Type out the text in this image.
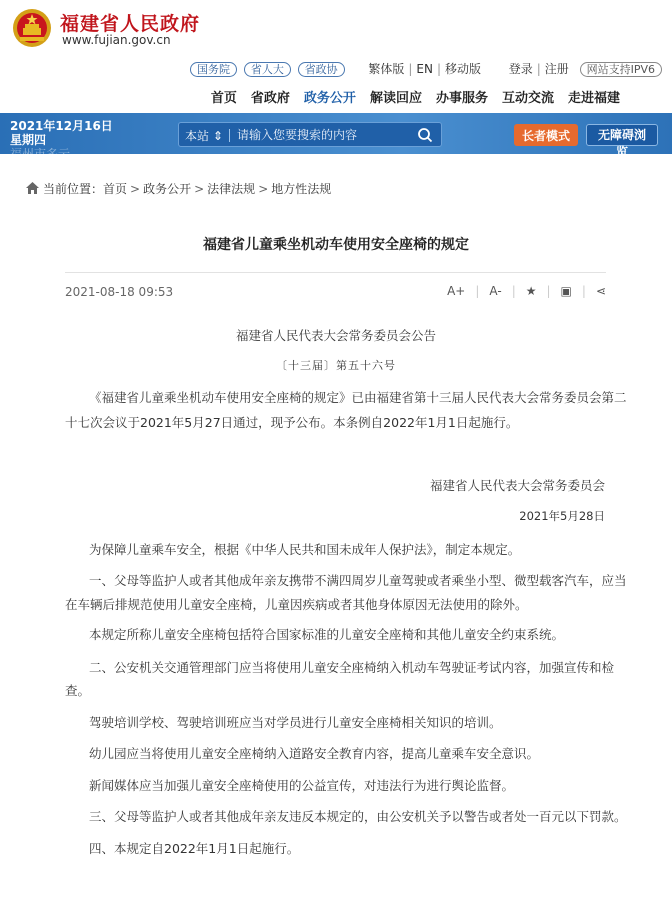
福建省人民政府
www.fujian.gov.cn
国务院 省人大 省政协	繁体版 | EN | 移动版 登录 | 注册 网站支持IPV6
首页 省政府 政务公开 解读回应 办事服务 互动交流 走进福建
2021年12月16日
星期四
福州市多云
本站 ⇕
请输入您要搜索的内容	长者模式	无障碍浏览
当前位置：首页 > 政务公开 > 法律法规 > 地方性法规
福建省儿童乘坐机动车使用安全座椅的规定
2021-08-18 09:53	A+ | A- | ★ | ▣ | ⋖
福建省人民代表大会常务委员会公告
〔十三届〕第五十六号
《福建省儿童乘坐机动车使用安全座椅的规定》已由福建省第十三届人民代表大会常务委员会第二
十七次会议于2021年5月27日通过，现予公布。本条例自2022年1月1日起施行。
福建省人民代表大会常务委员会
2021年5月28日
为保障儿童乘车安全，根据《中华人民共和国未成年人保护法》，制定本规定。
一、父母等监护人或者其他成年亲友携带不满四周岁儿童驾驶或者乘坐小型、微型载客汽车，应当
在车辆后排规范使用儿童安全座椅，儿童因疾病或者其他身体原因无法使用的除外。
本规定所称儿童安全座椅包括符合国家标准的儿童安全座椅和其他儿童安全约束系统。
二、公安机关交通管理部门应当将使用儿童安全座椅纳入机动车驾驶证考试内容，加强宣传和检
查。
驾驶培训学校、驾驶培训班应当对学员进行儿童安全座椅相关知识的培训。
幼儿园应当将使用儿童安全座椅纳入道路安全教育内容，提高儿童乘车安全意识。
新闻媒体应当加强儿童安全座椅使用的公益宣传，对违法行为进行舆论监督。
三、父母等监护人或者其他成年亲友违反本规定的，由公安机关予以警告或者处一百元以下罚款。
四、本规定自2022年1月1日起施行。
